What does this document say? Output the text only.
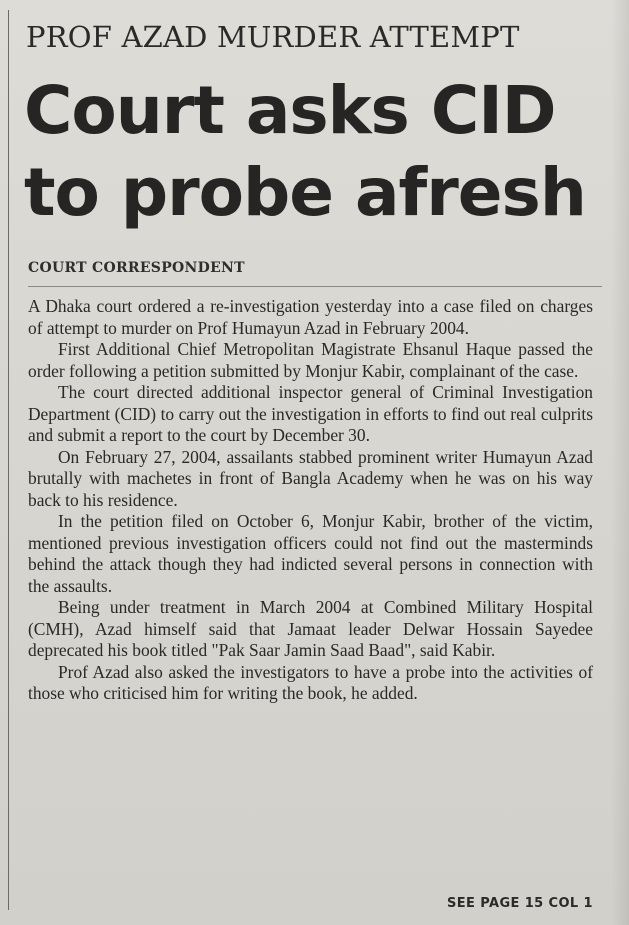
PROF AZAD MURDER ATTEMPT
Court asks CID to probe afresh
COURT CORRESPONDENT

A Dhaka court ordered a re-investigation yesterday into a case filed on charges of attempt to murder on Prof Humayun Azad in February 2004.

First Additional Chief Metropolitan Magistrate Ehsanul Haque passed the order following a petition submitted by Monjur Kabir, complainant of the case.

The court directed additional inspector general of Criminal Investigation Department (CID) to carry out the investigation in efforts to find out real culprits and submit a report to the court by December 30.

On February 27, 2004, assailants stabbed prominent writer Humayun Azad brutally with machetes in front of Bangla Academy when he was on his way back to his residence.

In the petition filed on October 6, Monjur Kabir, brother of the victim, mentioned previous investigation officers could not find out the masterminds behind the attack though they had indicted several persons in connection with the assaults.

Being under treatment in March 2004 at Combined Military Hospital (CMH), Azad himself said that Jamaat leader Delwar Hossain Sayedee deprecated his book titled "Pak Saar Jamin Saad Baad", said Kabir.

Prof Azad also asked the investigators to have a probe into the activities of those who criticised him for writing the book, he added.

SEE PAGE 15 COL 1
